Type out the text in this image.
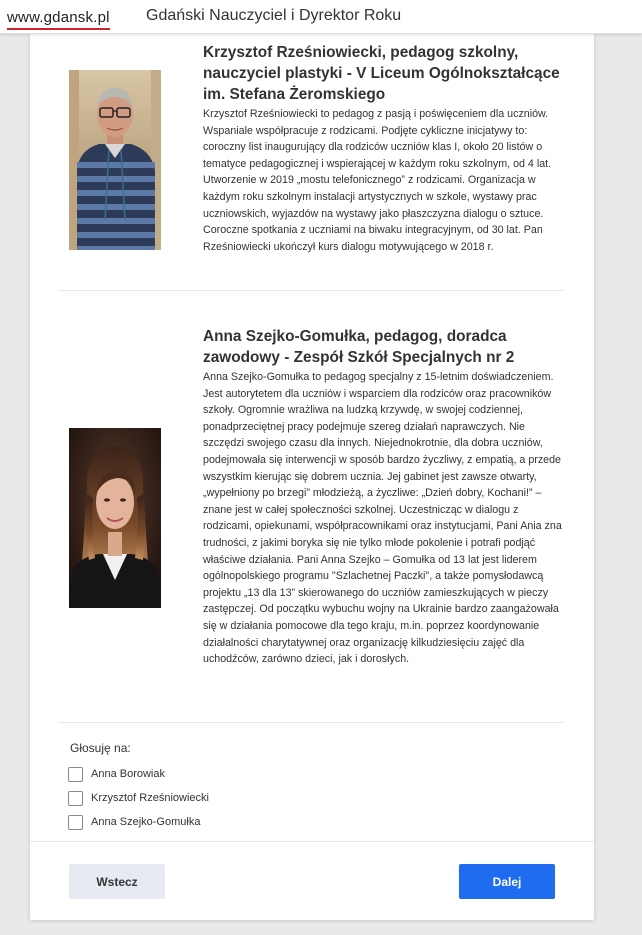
www.gdansk.pl Gdański Nauczyciel i Dyrektor Roku
Krzysztof Rześniowiecki, pedagog szkolny, nauczyciel plastyki - V Liceum Ogólnokształcące im. Stefana Żeromskiego
Krzysztof Rześniowiecki to pedagog z pasją i poświęceniem dla uczniów. Wspaniale współpracuje z rodzicami. Podjęte cykliczne inicjatywy to: coroczny list inaugurujący dla rodziców uczniów klas I, około 20 listów o tematyce pedagogicznej i wspierającej w każdym roku szkolnym, od 4 lat. Utworzenie w 2019 „mostu telefonicznego” z rodzicami. Organizacja w każdym roku szkolnym instalacji artystycznych w szkole, wystawy prac uczniowskich, wyjazdów na wystawy jako płaszczyzna dialogu o sztuce. Coroczne spotkania z uczniami na biwaku integracyjnym, od 30 lat. Pan Rześniowiecki ukończył kurs dialogu motywującego w 2018 r.
Anna Szejko-Gomułka, pedagog, doradca zawodowy - Zespół Szkół Specjalnych nr 2
Anna Szejko-Gomułka to pedagog specjalny z 15-letnim doświadczeniem. Jest autorytetem dla uczniów i wsparciem dla rodziców oraz pracowników szkoły. Ogromnie wrażliwa na ludzką krzywdę, w swojej codziennej, ponadprzeciętnej pracy podejmuje szereg działań naprawczych. Nie szczędzi swojego czasu dla innych. Niejednokrotnie, dla dobra uczniów, podejmowała się interwencji w sposób bardzo życzliwy, z empatią, a przede wszystkim kierując się dobrem ucznia. Jej gabinet jest zawsze otwarty, „wypełniony po brzegi” młodzieżą, a życzliwe: „Dzień dobry, Kochani!” – znane jest w całej społeczności szkolnej. Uczestnicząc w dialogu z rodzicami, opiekunami, współpracownikami oraz instytucjami, Pani Ania zna trudności, z jakimi boryka się nie tylko młode pokolenie i potrafi podjąć właściwe działania. Pani Anna Szejko – Gomułka od 13 lat jest liderem ogólnopolskiego programu "Szlachetnej Paczki", a także pomysłodawcą projektu „13 dla 13” skierowanego do uczniów zamieszkujących w pieczy zastępczej. Od początku wybuchu wojny na Ukrainie bardzo zaangażowała się w działania pomocowe dla tego kraju, m.in. poprzez koordynowanie działalności charytatywnej oraz organizację kilkudziesięciu zajęć dla uchodźców, zarówno dzieci, jak i dorosłych.
Głosuję na:
Anna Borowiak
Krzysztof Rześniowiecki
Anna Szejko-Gomułka
Wstecz	Dalej
